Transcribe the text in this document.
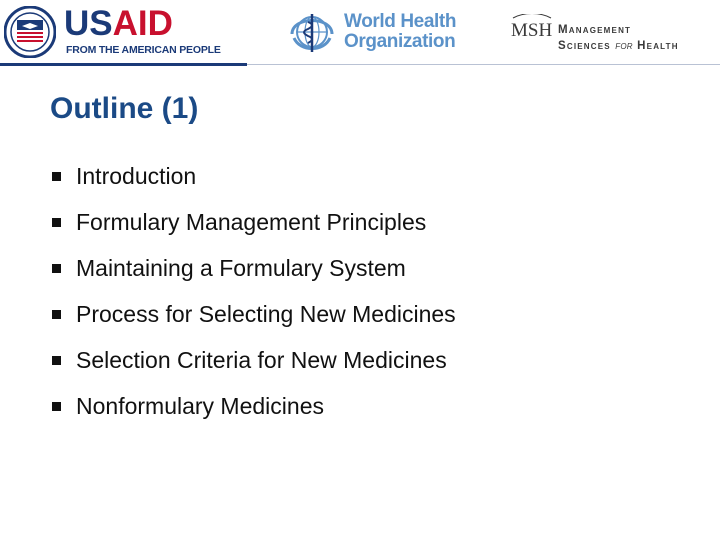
USAID
FROM THE AMERICAN PEOPLE
World Health
Organization
MSH Management
Sciences for Health
Outline (1)
Introduction
Formulary Management Principles
Maintaining a Formulary System
Process for Selecting New Medicines
Selection Criteria for New Medicines
Nonformulary Medicines
